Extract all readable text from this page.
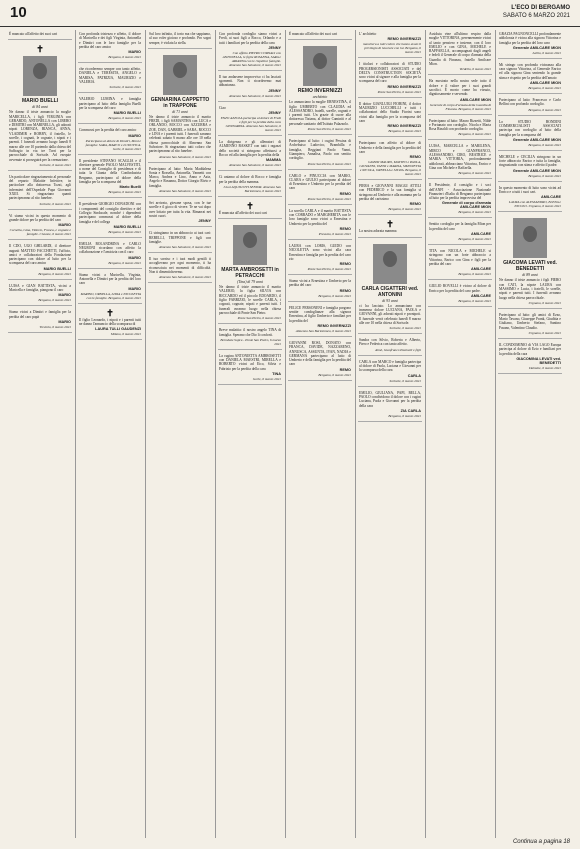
10	L'ECO DI BERGAMO
SABATO 6 MARZO 2021

È mancato all'affetto dei suoi cari

✝
MARIO BUELLI
di 84 anni

Ne danno il triste annuncio la moglie MARICELLA, i figli VIRGINIA con GERARDO, ANTONELLA con LIBERO e DIMITRI con MARINELLA, gli adorati nipoti LORENZA, BIANCA, ANNA, VLADIMIR e ROBBY, il fratello, le sorelle, i cognati, le cognate, i nipoti e i parenti. I funerali avranno luogo lunedì 8 marzo alle ore 10 partendo dalla chiesa del Suffragio in via tre Torri per la parrocchiale di Sorisole. Ad esequie avvenute si proseguirà per la cremazione.

Sorisole, 6 marzo 2021

Un particolare ringraziamento al personale del reparto Malattie Infettive, in particolare alla dottoressa Tozzi, agli infermieri dell'Ospedale Papa Giovanni XXIII. Si ringraziano quanti parteciperanno al rito funebre.

Sorisole, 6 marzo 2021

Vi siamo vicini in questo momento di grande dolore per la perdita del caro

MARIO
Cornella, Gina, Vittorio, Franca, e cognate e famiglie. Clusone, 6 marzo 2021

Il CDO, UGO GHILARDI, il direttore augusti MATTEO FACCHETTI, l'ufficio, amici e collaboratori della Fondazione partecipano con dolore al lutto per la scomparsa del caro amico

MARIO BUELLI
Bergamo, 6 marzo 2021

LUISA e GIAN BATTISTA, vicini a Maricella e famiglia, piangono il caro

MARIO
Bergamo, 6 marzo 2021

Siamo vicini a Dimitri e famiglia per la perdita del caro papà

MARIO
Treviolo, 6 marzo 2021

Con profonda tristezza e affetto, il dolore di Maricella e dei figli Virginia, Antonella e Dimitri con le loro famiglie per la perdita del caro amico

MARIO
Bergamo, 6 marzo 2021

che ricorderemo sempre con tanto affetto. DANIELA e TERESITA, ANGELO e MARISA, PATRIZIA, MAURIZIO e VALERIA.

Sorisole, 6 marzo 2021

VALERIO LUMINA e famiglia partecipano al lutto della famiglia Buelli per la scomparsa del caro

MARIO BUELLI
Bergamo, 6 marzo 2021

Commossi per la perdita del caro amico

MARIO
Partecipano al dolore di Dimitri, Moni e famiglia: SARA, MARCO e LUDOVICA. Gorle, 6 marzo 2021

Il presidente STEFANO SCAGLIA e il direttore generale PAOLO MALVESTITI, a nome del Consiglio di presidenza e di tutta la Giunta della Confindustria Bergamo, partecipano al dolore della famiglia per la scomparsa del

Mario Buelli
Bergamo, 6 marzo 2021

Il presidente GIORGIO DONADONI con i componenti del consiglio direttivo e del Collegio Sindacale, nonché i dipendenti partecipano commossi al dolore della famiglia e del collega

MARIO BUELLI
Bergamo, 6 marzo 2021

EMILIA BOLANDRINA e CARLO NEGRONI ricordano con affetto la collaborazione e l'amicizia con il caro

MARIO
Bergamo, 6 marzo 2021

Siamo vicini a Maricella, Virginia, Antonella e Dimitri per la perdita del loro caro

MARIO
MARINO, ORNELLA, LIDIA e NICOLETTA con le famiglie. Bergamo, 6 marzo 2021
✝

Il figlio Leonardo, i nipoti e i parenti tutti ne danno l'annuncio della scomparsa di

LAURA TULLI GAUDENZI
Milano, 6 marzo 2021

Sul loro infinito, il torto ma che sappiamo, al suo voler gioioso e profondo. Pro sogni sempre, è violata la stella.

GENNARINA CAPPETTO in TRAPPONE
di 71 anni

Ne danno il triste annuncio il marito FREDI, i figli SAMANTHA con LUCA e ORLANDO, ROCCO con AZZURRA e ZOE, DAN, GABRIEL e SARA, ROCCO e LINA e i parenti tutti. I funerali saranno celebrati sabato 6 marzo alle ore 10 nella chiesa parrocchiale di Almenno San Salvatore. Si ringraziano tutti coloro che parteciperanno al rito funebre.

Almenno San Salvatore, 6 marzo 2021

Partecipano al lutto: Maria Maddalena Sonia e Rossella, Antonella, Vannetti con Marco, Andrea e Lino, Anna e Aziz, Angelo e Rosanna, Dottor Giorgio Rivio e famiglia.

Almenno San Salvatore, 6 marzo 2021

Sei arrivata, giovane sposa, con le tue sorelle e il gioco di vivere. Te ne vai dopo aver lottato per tutta la vita. Rimarrai nei nostri cuori.

JENNY

Ci stringiamo in un abbraccio ai tuoi cari: REBELLI, TRIPPONE e figli con famiglie.

Almenno San Salvatore, 6 marzo 2021

Il tuo sorriso e i tuoi modi gentili ti accoglievano per ogni momento, ti ha riconosciuta nei momenti di difficoltà. Non ti dimenticheremo.

Almenno San Salvatore, 6 marzo 2021

Con profonda cordoglio siamo vicini a Fredi, ai suoi figli a Rocco, Orlando e a tutti i familiari per la perdita della cara

JENNY
Con affetto PIETRO CORNALI con ANTONELLA, le figlie ROSANNA, SARA e ARIANNA con le rispettive famiglie. Almenno San Salvatore, 6 marzo 2021

Il tuo andarsene improvviso ci ha lasciati sgomenti. Non ti ricorderemo mai abbastanza.

JENNY
Almenno San Salvatore, 6 marzo 2021

Ciao

JENNY
ENZO AZZOLA partecipa al dolore di Fredi e figli per la perdita della cara GENNARINA. Almenno San Salvatore, 6 marzo 2021

La dirigenza e gli allenatori di ALMENNO BASKET con tutti i ragazzi dello società si stringono affettuosi a Rocco ed alla famiglia per la perdita della

MAMMA
Almenno San Salvatore, 6 marzo 2021

Ci uniamo al dolore di Rocco e famiglia per la perdita della mamma.

I tuoi AQUILOTTI SENIOR. Almenno San Bartolomeo, 6 marzo 2021
✝

È mancata all'affetto dei suoi cari

MARTA AMBROSETTI in PETRACCHI
(Tina) di 79 anni

Ne danno il triste annuncio il marito VALERIO, la figlia SILVIA con RICCARDO ed il piccolo EDOARDO, il figlio FABRIZIO, le sorelle CARLA, i cognati, cognate, nipoti e parenti tutti. I funerali avranno luogo nella chiesa parrocchiale di Ponte San Pietro.

Ponte San Pietro, 6 marzo 2021

Breve malattia: il nostro angelo TINA di famiglia. Sperano che Dio li conforti.

Brembate Sopra - Ponte San Pietro, 6 marzo 2021

La cugina ANTONIETTA AMBROSETTI con DANIELA MAESTRI, MIRELLA e ROBERTO vicini ad Eico, Silvia e Fabrizio per la perdita della cara

TINA
Gorle, 6 marzo 2021

È mancato all'affetto dei suoi cari

REMO INVERNIZZI
architetto

Lo annunciano la moglie ERNESTINA, il figlio UMBERTO con CLAUDIA ed ALESSANDRO, fratelli, sorelle, cognati e i parenti tutti. Un grazie di cuore alla dottoressa Tiziana, al dottor Caminiti e al personale sanitario dell'Istituto Palazzolo.

Ponte San Pietro, 6 marzo 2021

Partecipano al lutto: i cugini Pessina di Archebuiso Ludovico, Brambilla e famiglia, Reggiani Paolo Vanni, Giampiero, Annalisa, Paolo con sentito cordoglio.

Ponte San Pietro, 6 marzo 2021

CARLO e PINUCCIA con MARIO, CLARA e GIULIO partecipano al dolore di Ernestina e Umberto per la perdita del caro

REMO
Ponte San Pietro, 6 marzo 2021

La sorella CARLA e il marito BATTISTA con CORRADO e MARGHERITA con le loro famiglie sono vicini a Ernestina e Umberto per la perdita del

REMO
Presezzo, 6 marzo 2021

LAURA con LORIS, GUIDO con NICOLETTA sono vicini alla cara Ernestina e famiglia per la perdita del caro zio

REMO
Ponte San Pietro, 6 marzo 2021

Siamo vicini a Ernestina e Umberto per la perdita del caro

REMO
Bergamo, 6 marzo 2021

FELICE PERSONENI e famiglia porgono sentite condoglianze alla signora Ernestina, al figlio Umberto e familiari per la perdita del

REMO INVERNIZZI
Almenno San Bartolomeo, 6 marzo 2021

GIOVANNI ROSI, DONATO con FRANCA, DAVIDE, NAZZARENO, ANNUSCA, ASSUNTA, IVAN, NADIA e GERMANA partecipano al lutto di Umberto e della famiglia per la perdita del caro

REMO
Bergamo, 6 marzo 2021

L' architetto

REMO INVERNIZZI
manchera a tutti coloro che hanno avuto il privilegio di lavorare con lui. Bergamo, 6 marzo 2021

I titolari e collaboratori di STUDIO PROGERSIONISTI ASSOCIATI e del DELTA CONSTRUCTION SOCIETÀ sono vicini al signore e alla famiglia per la scomparsa del caro

REMO INVERNIZZI
Ponte San Pietro, 6 marzo 2021

Il dottor GIANLUIGI FIORINI, il dottor MAURIZIO LUCCHELLI e tutti i collaboratori dello Studio Fiorini sono vicini alla famiglia per la scomparsa del caro

REMO INVERNIZZI
Bergamo, 6 marzo 2021

Partecipano con affetto al dolore di Umberto e della famiglia per la perdita del caro

REMO
GIANNI MAURO, MATTEO e PAOLA, GIOVANNI, VANNI e MARISA, SIMONETTA e NICOLA, ORNELLA e SILVIA. Bergamo, 6 marzo 2021

PIERA e GIOVANNI MAGGI ATTILI con FEDERICO e la sua famiglia si stringono ad Umberto e alla mamma per la perdita del carissimo

REMO
Bergamo, 6 marzo 2021
✝

La nostra adorata mamma

CARLA CIGATTERI ved. ANTONINI
di 93 anni

ci ha lasciato. Lo annunciano con immenso dolore LUCIANA, PAOLA e GIOVANNI, gli adorati nipoti e pronipoti. Il funerale verrà celebrato lunedì 8 marzo alle ore 10 nella chiesa di Sorisole.

Sorisole, 6 marzo 2021

Sandra con Silvio, Roberta e Alberto, Piero e Federica con tanto affetto.

Almè, Gianfranco Pasinetti e figli

CARLA con MARCO e famiglia partecipa al dolore di Paola, Luciana e Giovanni per la scomparsa della cara

CARLA
Sorisole, 6 marzo 2021

EMILIO, GIULIANA, PAPI, BELLA, PAOLO condividono il dolore con i cugini Luciana, Paola e Giovanni per la perdita della cara

ZIA CARLA
Bergamo, 6 marzo 2021

Assiduta vine all'ultimo respiro dalla moglie VITTORINA, perennemente vicini al tanto pensiero e insieme, con il loro EMILIO e con GINA, MICHELE e RAFFAELLA, accompagnati dagli angeli e fedeli il Generale di corpo d'armata della Guardia di Finanza, fratello Amilcare Mion.

Verdello, 6 marzo 2021

Ha mostrato nella nostra sede tutto il dolore e il valore per i suoi grandi sacrifici. È morto come ha vissuto, dignitosamente e servendo.

AMILCARE MION
Generale di corpo d'armata della Guardia di Finanza. Bergamo, 6 marzo 2021

Partecipano al lutto: Mauro Rizzetti, Nilde e Portunato con cordoglio. Nicola e Maria Rosa Rinaldi con profondo cordoglio.

Bergamo, 6 marzo 2021

LUISA, MARCELLA e MARILENA, MIRCO e GIANFRANCO, ALESSANDRO, CIRO, BEATRICE e MARIA VITTORIA, profondamente addolorati, abbracciano Vittorina, Enrico e Gina con Michele e Raffaella.

Bergamo, 6 marzo 2021

Il Presidente, il consiglio e i soci dell'ANFI - Associazione Nazionale Finanzieri d'Italia di Bergamo partecipano al lutto per la perdita improvvisa del

Generale di corpo d'armata AMILCARE MION
Bergamo, 6 marzo 2021

Sentito cordoglio per la famiglia Mion per la perdita del caro

AMILCARE
Bergamo, 6 marzo 2021

TITA con NICOLA e MICHELE si stringono con un forte abbraccio a Vittorina, Enrico con Gina e figli per la perdita del caro

AMILCARE
Bergamo, 6 marzo 2021

GIULIO ROVELLI è vicino al dolore di Enrico per la perdita del caro padre.

AMILCARE
Bergamo, 6 marzo 2021

GRAZIA PAGNONCELLI profondamente addolorata è vicina alla signora Vittorina e famiglia per la perdita del loro caro

Generale AMILCARE MION
Lallio, 6 marzo 2021

Mi stringo con profonda vicinanza alla cara signora Vittorina, al Generale Enrico ed alla signora Gina sentendo la grande stima e rispetto per la perdita dell'amato

AMILCARE MION
Bergamo, 6 marzo 2021

Partecipano al lutto: Francesco e Carlo Bellini con profondo cordoglio.

Bergamo, 6 marzo 2021

Lo STUDIO BONDINI COMMERCIALISTI ASSOCIATI partecipa con cordoglio al lutto della famiglia per la scomparsa del

Generale AMILCARE MION
Bergamo, 6 marzo 2021

MICHELE e CECILIA stringono in un forte abbraccio Enrico e tutta la famiglia, ringraziando con stima e affetto il padre.

Generale AMILCARE MION
Bergamo, 6 marzo 2021

In questo momento di lutto sono vicini ad Enrico e a tutti i suoi cari.

AMILCARE
LAURA con ALESSANDRO, ELENA e NICOLO. Urgnano, 6 marzo 2021
GIACOMA LEVATI ved. BENEDETTI
di 89 anni

Ne danno il triste annuncio i figli PIERO con CATI, la nipote LAURA con MASSIMO e Lucia, i fratelli, le sorelle, nipoti e parenti tutti. I funerali avranno luogo nella chiesa parrocchiale.

Urgnano, 6 marzo 2021

Partecipano al lutto: gli amici di Ezzo, Mario Tavano, Giuseppe Frank, Giuditta e Giuliano, Umberto Stefano, Santino Fasano, Valentino Claudio.

Urgnano, 6 marzo 2021

IL CONDOMINIO di VIA LAGO Europa partecipa al dolore di Ezio e familiari per la perdita della cara

GIACOMINA LEVATI ved. BENEDETTI
Dalmine, 6 marzo 2021
Continua a pagina 18
